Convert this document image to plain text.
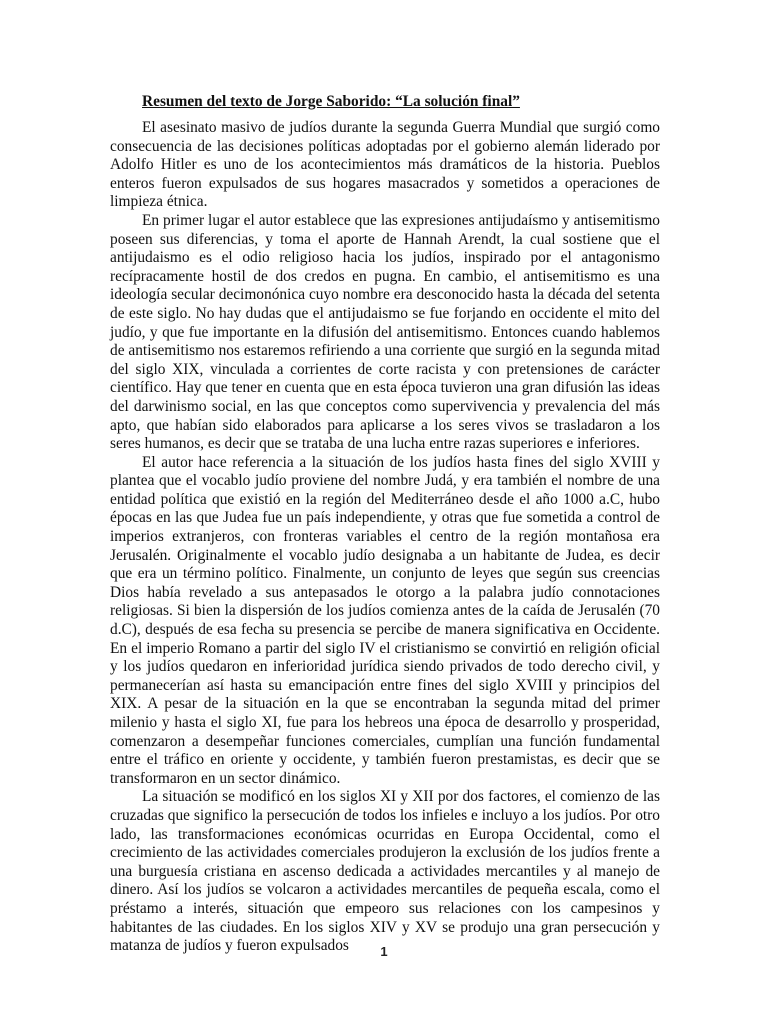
Resumen del texto de Jorge Saborido: “La solución final”

El asesinato masivo de judíos durante la segunda Guerra Mundial que surgió como consecuencia de las decisiones políticas adoptadas por el gobierno alemán liderado por Adolfo Hitler es uno de los acontecimientos más dramáticos de la historia. Pueblos enteros fueron expulsados de sus hogares masacrados y sometidos a operaciones de limpieza étnica.

En primer lugar el autor establece que las expresiones antijudaísmo y antisemitismo poseen sus diferencias, y toma el aporte de Hannah Arendt, la cual sostiene que el antijudaismo es el odio religioso hacia los judíos, inspirado por el antagonismo recípracamente hostil de dos credos en pugna. En cambio, el antisemitismo es una ideología secular decimonónica cuyo nombre era desconocido hasta la década del setenta de este siglo. No hay dudas que el antijudaismo se fue forjando en occidente el mito del judío, y que fue importante en la difusión del antisemitismo. Entonces cuando hablemos de antisemitismo nos estaremos refiriendo a una corriente que surgió en la segunda mitad del siglo XIX, vinculada a corrientes de corte racista y con pretensiones de carácter científico. Hay que tener en cuenta que en esta época tuvieron una gran difusión las ideas del darwinismo social, en las que conceptos como supervivencia y prevalencia del más apto, que habían sido elaborados para aplicarse a los seres vivos se trasladaron a los seres humanos, es decir que se trataba de una lucha entre razas superiores e inferiores.

El autor hace referencia a la situación de los judíos hasta fines del siglo XVIII y plantea que el vocablo judío proviene del nombre Judá, y era también el nombre de una entidad política que existió en la región del Mediterráneo desde el año 1000 a.C, hubo épocas en las que Judea fue un país independiente, y otras que fue sometida a control de imperios extranjeros, con fronteras variables el centro de la región montañosa era Jerusalén. Originalmente el vocablo judío designaba a un habitante de Judea, es decir que era un término político. Finalmente, un conjunto de leyes que según sus creencias Dios había revelado a sus antepasados le otorgo a la palabra judío connotaciones religiosas. Si bien la dispersión de los judíos comienza antes de la caída de Jerusalén (70 d.C), después de esa fecha su presencia se percibe de manera significativa en Occidente. En el imperio Romano a partir del siglo IV el cristianismo se convirtió en religión oficial y los judíos quedaron en inferioridad jurídica siendo privados de todo derecho civil, y permanecerían así hasta su emancipación entre fines del siglo XVIII y principios del XIX. A pesar de la situación en la que se encontraban la segunda mitad del primer milenio y hasta el siglo XI, fue para los hebreos una época de desarrollo y prosperidad, comenzaron a desempeñar funciones comerciales, cumplían una función fundamental entre el tráfico en oriente y occidente, y también fueron prestamistas, es decir que se transformaron en un sector dinámico.

La situación se modificó en los siglos XI y XII por dos factores, el comienzo de las cruzadas que significo la persecución de todos los infieles e incluyo a los judíos. Por otro lado, las transformaciones económicas ocurridas en Europa Occidental, como el crecimiento de las actividades comerciales produjeron la exclusión de los judíos frente a una burguesía cristiana en ascenso dedicada a actividades mercantiles y al manejo de dinero. Así los judíos se volcaron a actividades mercantiles de pequeña escala, como el préstamo a interés, situación que empeoro sus relaciones con los campesinos y habitantes de las ciudades. En los siglos XIV y XV se produjo una gran persecución y matanza de judíos y fueron expulsados	1
